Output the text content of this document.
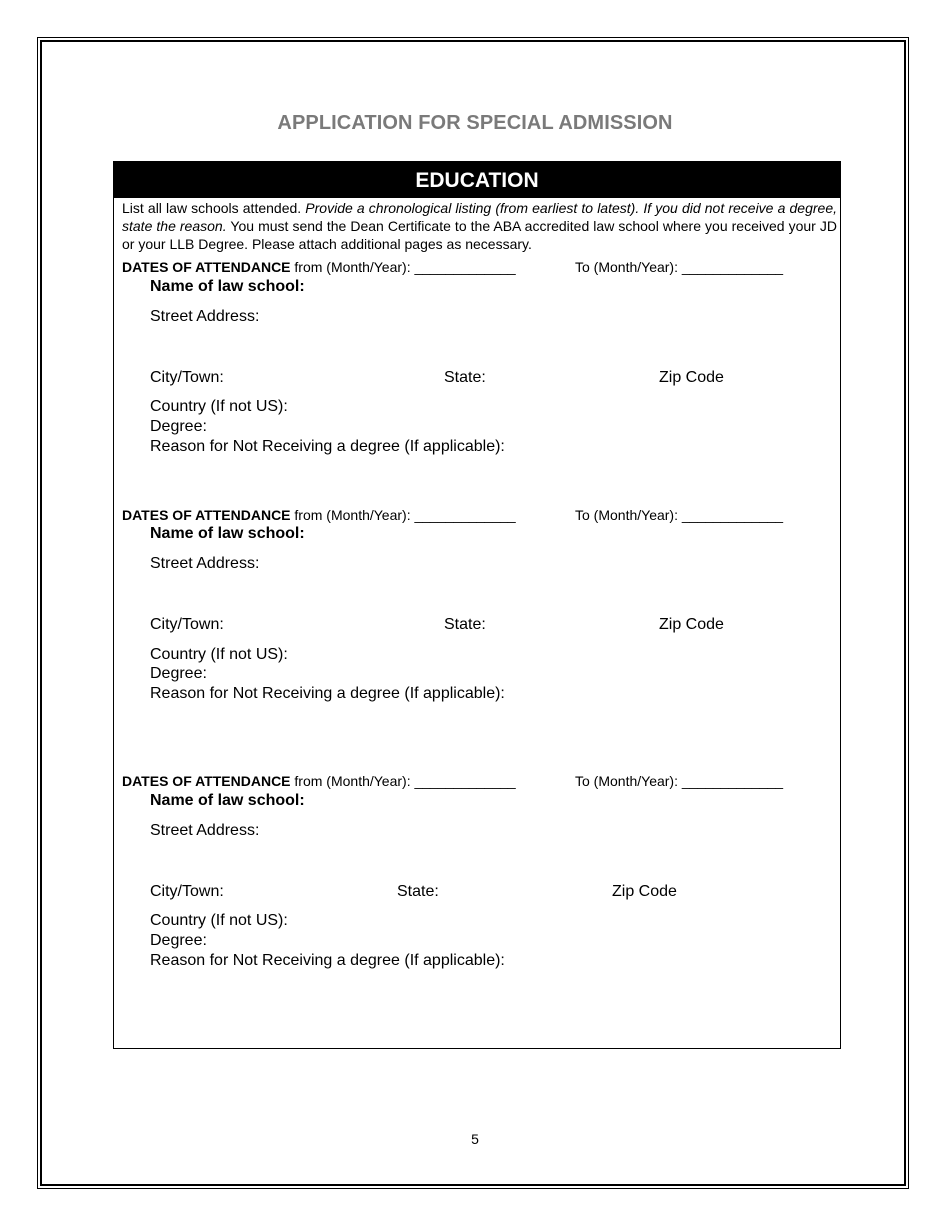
APPLICATION FOR SPECIAL ADMISSION
EDUCATION
List all law schools attended. Provide a chronological listing (from earliest to latest). If you did not receive a degree, state the reason. You must send the Dean Certificate to the ABA accredited law school where you received your JD or your LLB Degree. Please attach additional pages as necessary.
DATES OF ATTENDANCE from (Month/Year): _____________	To (Month/Year): _____________
Name of law school:
Street Address:
City/Town:	State:	Zip Code
Country (If not US):
Degree:
Reason for Not Receiving a degree (If applicable):
DATES OF ATTENDANCE from (Month/Year): _____________	To (Month/Year): _____________
Name of law school:
Street Address:
City/Town:	State:	Zip Code
Country (If not US):
Degree:
Reason for Not Receiving a degree (If applicable):
DATES OF ATTENDANCE from (Month/Year): _____________	To (Month/Year): _____________
Name of law school:
Street Address:
City/Town:	State:	Zip Code
Country (If not US):
Degree:
Reason for Not Receiving a degree (If applicable):
5
